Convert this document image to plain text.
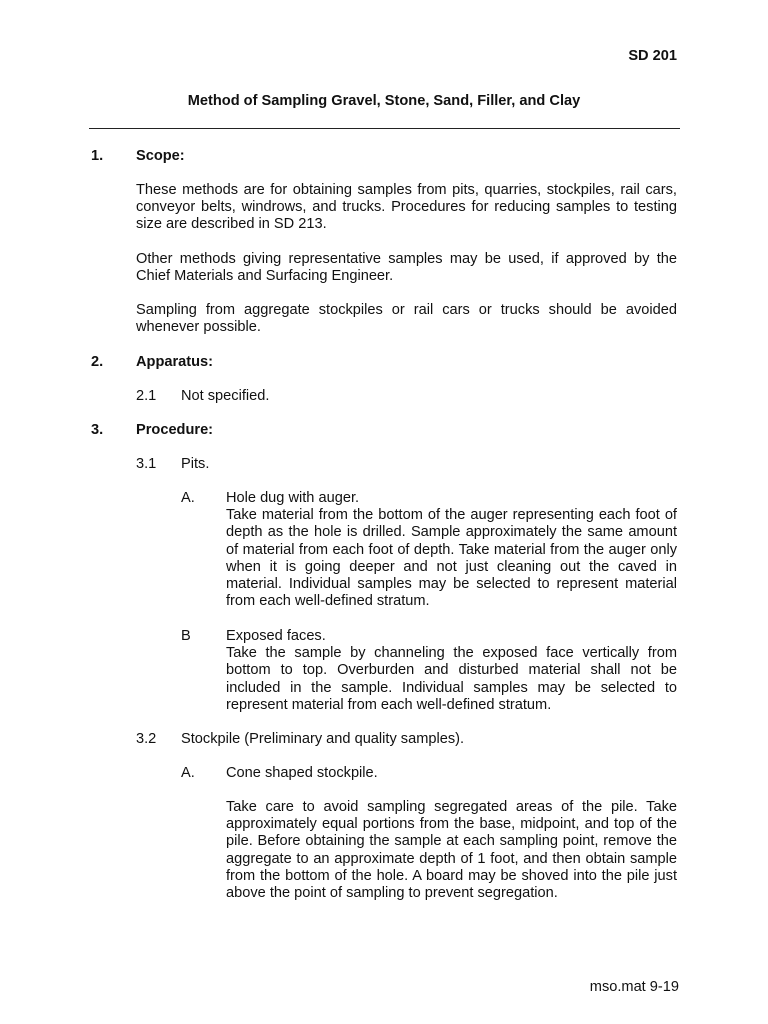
SD 201
Method of Sampling Gravel, Stone, Sand, Filler, and Clay
1. Scope:
These methods are for obtaining samples from pits, quarries, stockpiles, rail cars, conveyor belts, windrows, and trucks. Procedures for reducing samples to testing size are described in SD 213.
Other methods giving representative samples may be used, if approved by the Chief Materials and Surfacing Engineer.
Sampling from aggregate stockpiles or rail cars or trucks should be avoided whenever possible.
2. Apparatus:
2.1 Not specified.
3. Procedure:
3.1 Pits.
A. Hole dug with auger.
Take material from the bottom of the auger representing each foot of depth as the hole is drilled. Sample approximately the same amount of material from each foot of depth. Take material from the auger only when it is going deeper and not just cleaning out the caved in material. Individual samples may be selected to represent material from each well-defined stratum.
B Exposed faces.
Take the sample by channeling the exposed face vertically from bottom to top. Overburden and disturbed material shall not be included in the sample. Individual samples may be selected to represent material from each well-defined stratum.
3.2 Stockpile (Preliminary and quality samples).
A. Cone shaped stockpile.
Take care to avoid sampling segregated areas of the pile. Take approximately equal portions from the base, midpoint, and top of the pile. Before obtaining the sample at each sampling point, remove the aggregate to an approximate depth of 1 foot, and then obtain sample from the bottom of the hole. A board may be shoved into the pile just above the point of sampling to prevent segregation.
mso.mat 9-19
